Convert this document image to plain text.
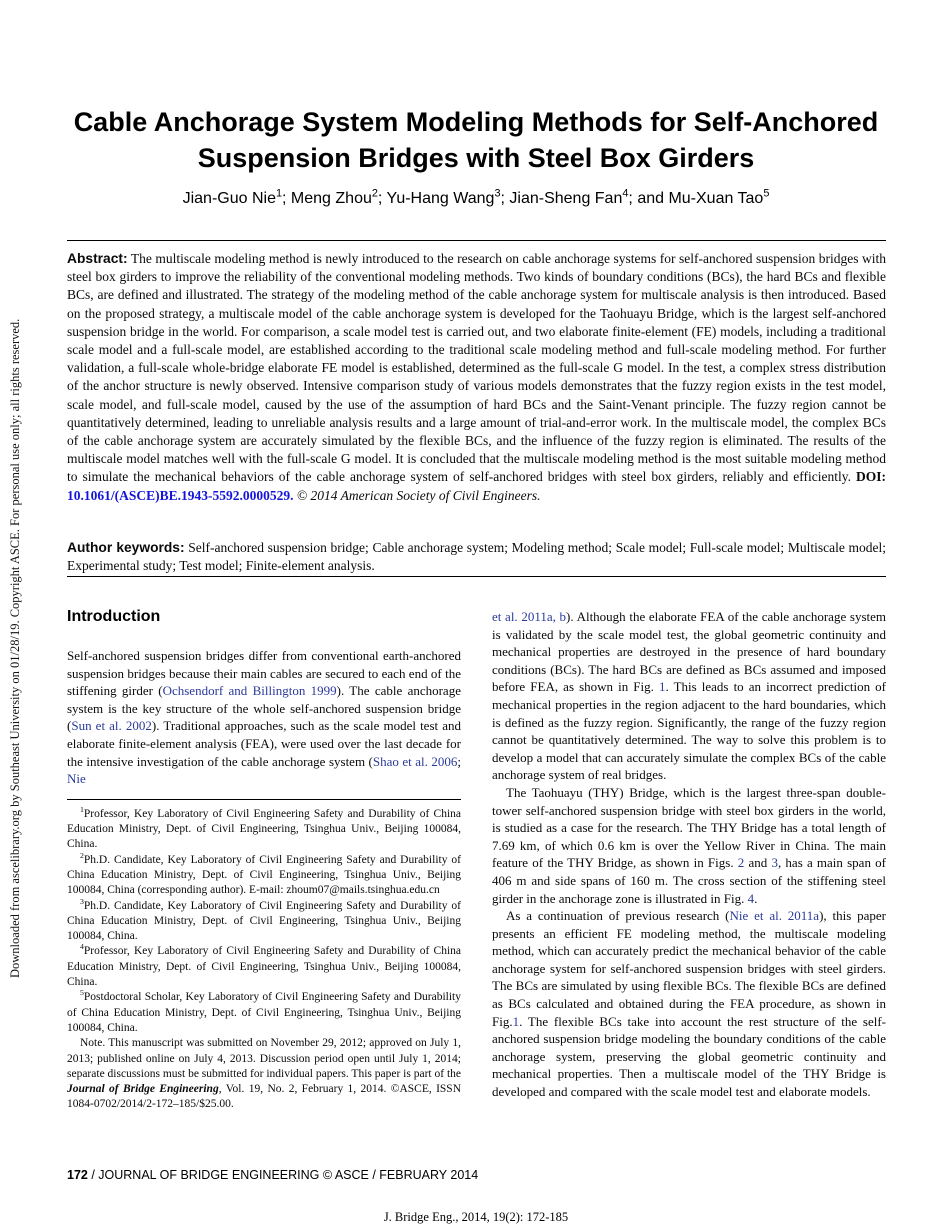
Downloaded from ascelibrary.org by Southeast University on 01/28/19. Copyright ASCE. For personal use only; all rights reserved.
Cable Anchorage System Modeling Methods for Self-Anchored
Suspension Bridges with Steel Box Girders
Jian-Guo Nie$^1$; Meng Zhou$^2$; Yu-Hang Wang$^3$; Jian-Sheng Fan$^4$; and Mu-Xuan Tao$^5$

Abstract: The multiscale modeling method is newly introduced to the research on cable anchorage systems for self-anchored suspension bridges with steel box girders to improve the reliability of the conventional modeling methods. Two kinds of boundary conditions (BCs), the hard BCs and flexible BCs, are defined and illustrated. The strategy of the modeling method of the cable anchorage system for multiscale analysis is then introduced. Based on the proposed strategy, a multiscale model of the cable anchorage system is developed for the Taohuayu Bridge, which is the largest self-anchored suspension bridge in the world. For comparison, a scale model test is carried out, and two elaborate finite-element (FE) models, including a traditional scale model and a full-scale model, are established according to the traditional scale modeling method and full-scale modeling method. For further validation, a full-scale whole-bridge elaborate FE model is established, determined as the full-scale G model. In the test, a complex stress distribution of the anchor structure is newly observed. Intensive comparison study of various models demonstrates that the fuzzy region exists in the test model, scale model, and full-scale model, caused by the use of the assumption of hard BCs and the Saint-Venant principle. The fuzzy region cannot be quantitatively determined, leading to unreliable analysis results and a large amount of trial-and-error work. In the multiscale model, the complex BCs of the cable anchorage system are accurately simulated by the flexible BCs, and the influence of the fuzzy region is eliminated. The results of the multiscale model matches well with the full-scale G model. It is concluded that the multiscale modeling method is the most suitable modeling method to simulate the mechanical behaviors of the cable anchorage system of self-anchored bridges with steel box girders, reliably and efficiently. DOI: 10.1061/(ASCE)BE.1943-5592.0000529. © 2014 American Society of Civil Engineers.

Author keywords: Self-anchored suspension bridge; Cable anchorage system; Modeling method; Scale model; Full-scale model; Multiscale model; Experimental study; Test model; Finite-element analysis.

Introduction

Self-anchored suspension bridges differ from conventional earth-anchored suspension bridges because their main cables are secured to each end of the stiffening girder (Ochsendorf and Billington 1999). The cable anchorage system is the key structure of the whole self-anchored suspension bridge (Sun et al. 2002). Traditional approaches, such as the scale model test and elaborate finite-element analysis (FEA), were used over the last decade for the intensive investigation of the cable anchorage system (Shao et al. 2006; Nie

$^1$Professor, Key Laboratory of Civil Engineering Safety and Durability of China Education Ministry, Dept. of Civil Engineering, Tsinghua Univ., Beijing 100084, China.

$^2$Ph.D. Candidate, Key Laboratory of Civil Engineering Safety and Durability of China Education Ministry, Dept. of Civil Engineering, Tsinghua Univ., Beijing 100084, China (corresponding author). E-mail: zhoum07@mails.tsinghua.edu.cn

$^3$Ph.D. Candidate, Key Laboratory of Civil Engineering Safety and Durability of China Education Ministry, Dept. of Civil Engineering, Tsinghua Univ., Beijing 100084, China.

$^4$Professor, Key Laboratory of Civil Engineering Safety and Durability of China Education Ministry, Dept. of Civil Engineering, Tsinghua Univ., Beijing 100084, China.

$^5$Postdoctoral Scholar, Key Laboratory of Civil Engineering Safety and Durability of China Education Ministry, Dept. of Civil Engineering, Tsinghua Univ., Beijing 100084, China.

Note. This manuscript was submitted on November 29, 2012; approved on July 1, 2013; published online on July 4, 2013. Discussion period open until July 1, 2014; separate discussions must be submitted for individual papers. This paper is part of the Journal of Bridge Engineering, Vol. 19, No. 2, February 1, 2014. ©ASCE, ISSN 1084-0702/2014/2-172–185/$25.00.

et al. 2011a, b). Although the elaborate FEA of the cable anchorage system is validated by the scale model test, the global geometric continuity and mechanical properties are destroyed in the presence of hard boundary conditions (BCs). The hard BCs are defined as BCs assumed and imposed before FEA, as shown in Fig. 1. This leads to an incorrect prediction of mechanical properties in the region adjacent to the hard boundaries, which is defined as the fuzzy region. Significantly, the range of the fuzzy region cannot be quantitatively determined. The way to solve this problem is to develop a model that can accurately simulate the complex BCs of the cable anchorage system of real bridges.

The Taohuayu (THY) Bridge, which is the largest three-span double-tower self-anchored suspension bridge with steel box girders in the world, is studied as a case for the research. The THY Bridge has a total length of 7.69 km, of which 0.6 km is over the Yellow River in China. The main feature of the THY Bridge, as shown in Figs. 2 and 3, has a main span of 406 m and side spans of 160 m. The cross section of the stiffening steel girder in the anchorage zone is illustrated in Fig. 4.

As a continuation of previous research (Nie et al. 2011a), this paper presents an efficient FE modeling method, the multiscale modeling method, which can accurately predict the mechanical behavior of the cable anchorage system for self-anchored suspension bridges with steel girders. The BCs are simulated by using flexible BCs. The flexible BCs are defined as BCs calculated and obtained during the FEA procedure, as shown in Fig.1. The flexible BCs take into account the rest structure of the self-anchored suspension bridge modeling the boundary conditions of the cable anchorage system, preserving the global geometric continuity and mechanical properties. Then a multiscale model of the THY Bridge is developed and compared with the scale model test and elaborate models.

172 / JOURNAL OF BRIDGE ENGINEERING © ASCE / FEBRUARY 2014
J. Bridge Eng., 2014, 19(2): 172-185
